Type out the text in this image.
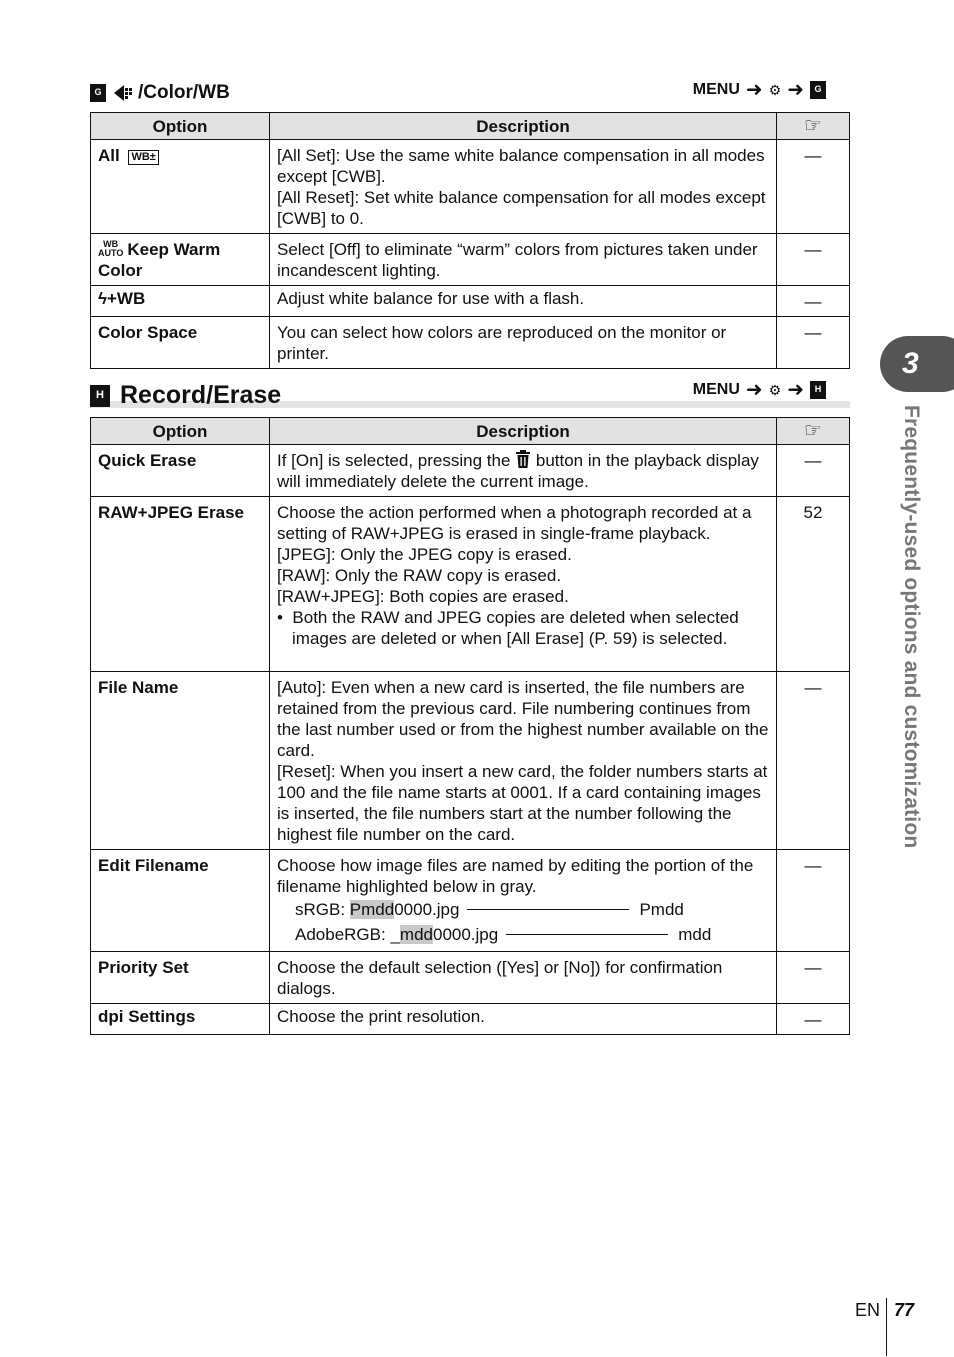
G /Color/WB	MENU ➜ ⚙ ➜	G
Option	Description	☞
All WB±	[All Set]: Use the same white balance compensation in all modes except [CWB].
[All Reset]: Set white balance compensation for all modes except [CWB] to 0.	—
WB
AUTO Keep Warm Color	Select [Off] to eliminate “warm” colors from pictures taken under incandescent lighting.	—
ϟ+WB	Adjust white balance for use with a flash.	—
Color Space	You can select how colors are reproduced on the monitor or printer.	—
H Record/Erase	MENU ➜ ⚙ ➜	H
Option	Description	☞
Quick Erase	If [On] is selected, pressing the button in the playback display will immediately delete the current image.	—
RAW+JPEG Erase	Choose the action performed when a photograph recorded at a setting of RAW+JPEG is erased in single-frame playback.
[JPEG]: Only the JPEG copy is erased.
[RAW]: Only the RAW copy is erased.
[RAW+JPEG]: Both copies are erased.
•  Both the RAW and JPEG copies are deleted when selected images are deleted or when [All Erase] (P. 59) is selected.	52
File Name	[Auto]: Even when a new card is inserted, the file numbers are retained from the previous card. File numbering continues from the last number used or from the highest number available on the card.
[Reset]: When you insert a new card, the folder numbers starts at 100 and the file name starts at 0001. If a card containing images is inserted, the file numbers start at the number following the highest file number on the card.	—
Edit Filename	Choose how image files are named by editing the portion of the filename highlighted below in gray.
sRGB: Pmdd0000.jpg Pmdd
AdobeRGB: _mdd0000.jpg mdd	—
Priority Set	Choose the default selection ([Yes] or [No]) for confirmation dialogs.	—
dpi Settings	Choose the print resolution.	—
3
Frequently-used options and customization
EN 77
